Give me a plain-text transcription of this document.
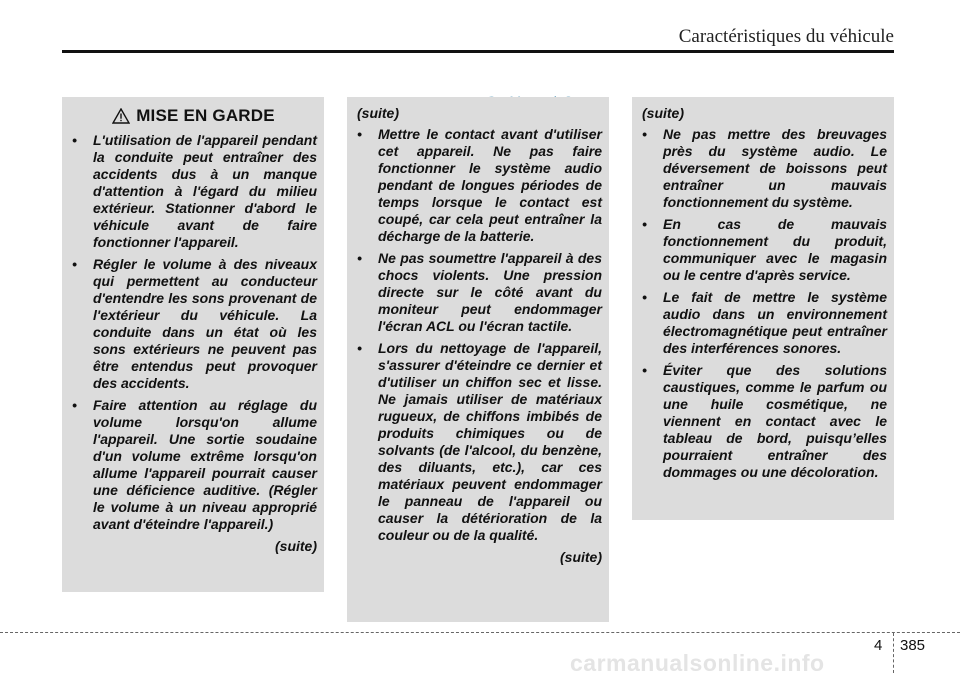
Caractéristiques du véhicule
MISE EN GARDE
• L'utilisation de l'appareil pendant la conduite peut entraîner des accidents dus à un manque d'attention à l'égard du milieu extérieur. Stationner d'abord le véhicule avant de faire fonctionner l'appareil.
• Régler le volume à des niveaux qui permettent au conducteur d'entendre les sons provenant de l'extérieur du véhicule. La conduite dans un état où les sons extérieurs ne peuvent pas être entendus peut provoquer des accidents.
• Faire attention au réglage du volume lorsqu'on allume l'appareil. Une sortie soudaine d'un volume extrême lorsqu'on allume l'appareil pourrait causer une déficience auditive. (Régler le volume à un niveau approprié avant d'éteindre l'appareil.)
(suite)
(suite)
• Mettre le contact avant d'utiliser cet appareil. Ne pas faire fonctionner le système audio pendant de longues périodes de temps lorsque le contact est coupé, car cela peut entraîner la décharge de la batterie.
• Ne pas soumettre l'appareil à des chocs violents. Une pression directe sur le côté avant du moniteur peut endommager l'écran ACL ou l'écran tactile.
• Lors du nettoyage de l'appareil, s'assurer d'éteindre ce dernier et d'utiliser un chiffon sec et lisse. Ne jamais utiliser de matériaux rugueux, de chiffons imbibés de produits chimiques ou de solvants (de l'alcool, du benzène, des diluants, etc.), car ces matériaux peuvent endommager le panneau de l'appareil ou causer la détérioration de la couleur ou de la qualité.
(suite)
(suite)
• Ne pas mettre des breuvages près du système audio. Le déversement de boissons peut entraîner un mauvais fonctionnement du système.
• En cas de mauvais fonctionnement du produit, communiquer avec le magasin ou le centre d'après service.
• Le fait de mettre le système audio dans un environnement électromagnétique peut entraîner des interférences sonores.
• Éviter que des solutions caustiques, comme le parfum ou une huile cosmétique, ne viennent en contact avec le tableau de bord, puisqu’elles pourraient entraîner des dommages ou une décoloration.
4 385
carmanualsonline.info
